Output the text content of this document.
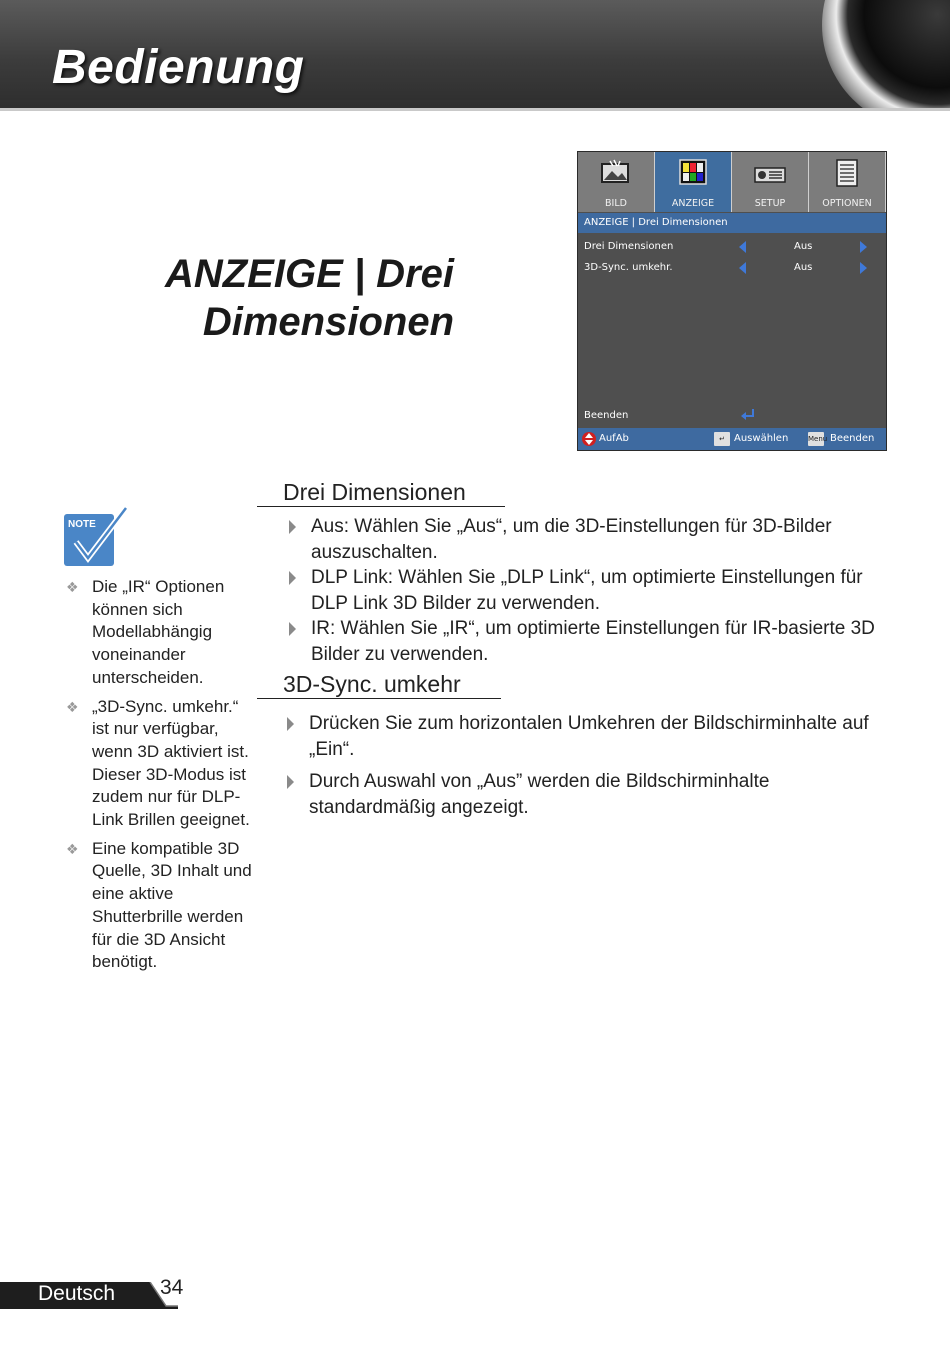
Bedienung
ANZEIGE | Drei
Dimensionen
BILD	ANZEIGE	SETUP	OPTIONEN
ANZEIGE | Drei Dimensionen
Drei Dimensionen	Aus
3D-Sync. umkehr.	Aus
Beenden
AufAb	↵ Auswählen	Menu Beenden
NOTE
❖ Die „IR“ Optionen können sich Modellabhängig voneinander unterscheiden.
❖ „3D-Sync. umkehr.“ ist nur verfügbar, wenn 3D aktiviert ist. Dieser 3D-Modus ist zudem nur für DLP-Link Brillen geeignet.
❖ Eine kompatible 3D Quelle, 3D Inhalt und eine aktive Shutterbrille werden für die 3D Ansicht benötigt.
Drei Dimensionen
Aus: Wählen Sie „Aus“, um die 3D-Einstellungen für 3D-Bilder auszuschalten.
DLP Link: Wählen Sie „DLP Link“, um optimierte Einstellungen für DLP Link 3D Bilder zu verwenden.
IR: Wählen Sie „IR“, um optimierte Einstellungen für IR-basierte 3D Bilder zu verwenden.
3D-Sync. umkehr
Drücken Sie zum horizontalen Umkehren der Bildschirminhalte auf „Ein“.
Durch Auswahl von „Aus” werden die Bildschirminhalte standardmäßig angezeigt.
Deutsch 34
